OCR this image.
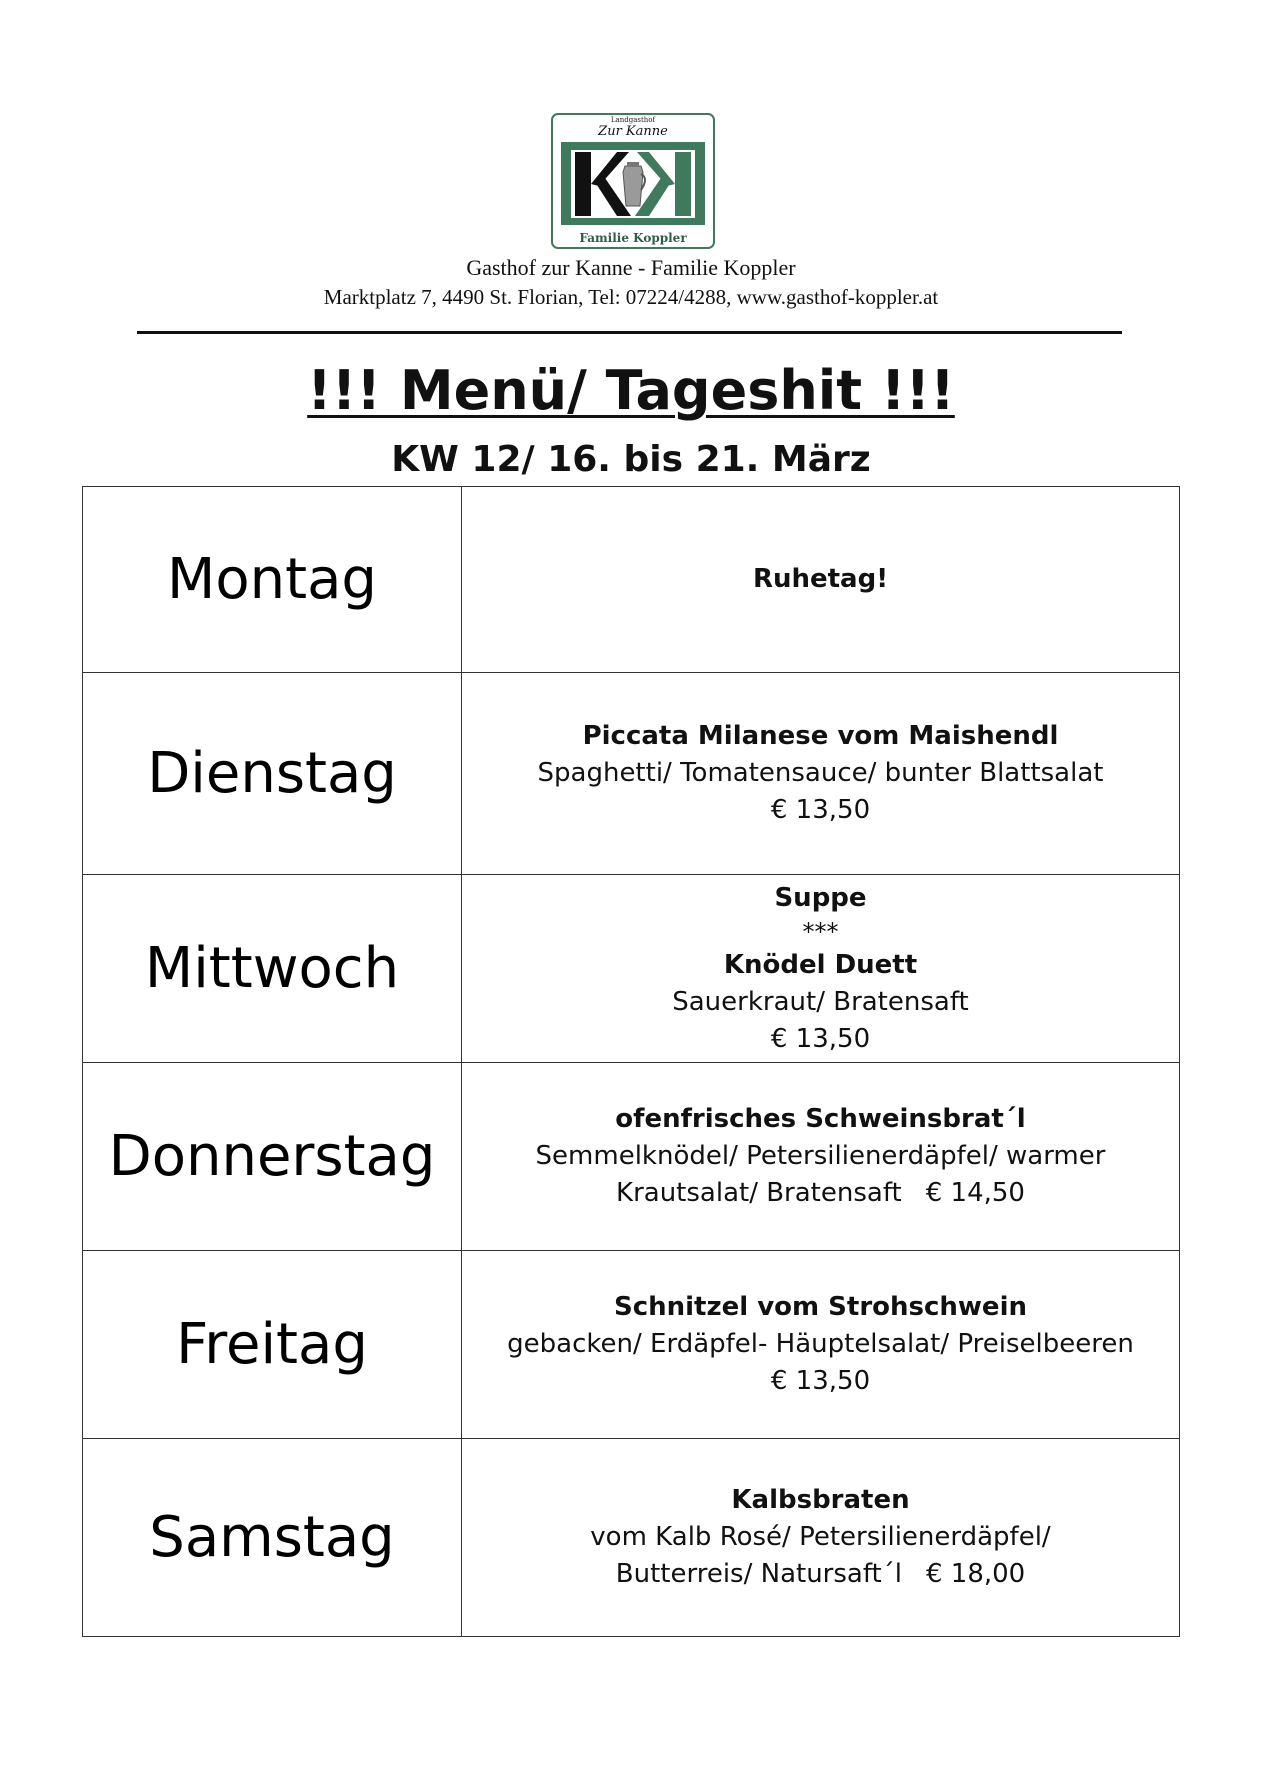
Landgasthof
Zur Kanne
Familie Koppler
Gasthof zur Kanne - Familie Koppler
Marktplatz 7, 4490 St. Florian, Tel: 07224/4288, www.gasthof-koppler.at
!!! Menü/ Tageshit !!!
KW 12/ 16. bis 21. März
Montag	Ruhetag!

Dienstag	Piccata Milanese vom Maishendl
Spaghetti/ Tomatensauce/ bunter Blattsalat
€ 13,50

Mittwoch	Suppe
***
Knödel Duett
Sauerkraut/ Bratensaft
€ 13,50

Donnerstag	ofenfrisches Schweinsbrat´l
Semmelknödel/ Petersilienerdäpfel/ warmer
Krautsalat/ Bratensaft € 14,50

Freitag	Schnitzel vom Strohschwein
gebacken/ Erdäpfel- Häuptelsalat/ Preiselbeeren
€ 13,50

Samstag	Kalbsbraten
vom Kalb Rosé/ Petersilienerdäpfel/
Butterreis/ Natursaft´l € 18,00
